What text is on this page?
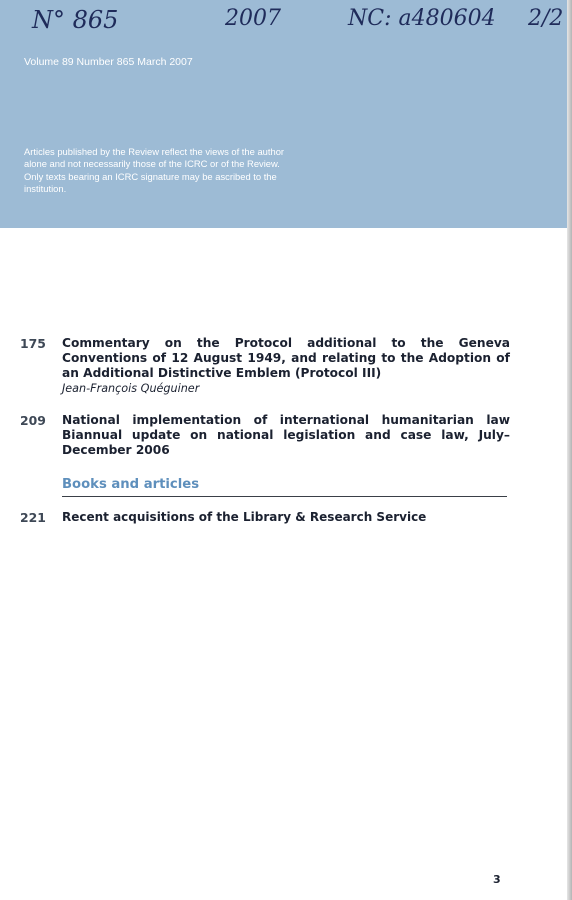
N° 865	2007	NC: a480604 2/2
Volume 89 Number 865 March 2007
Articles published by the Review reflect the views of the author alone and not necessarily those of the ICRC or of the Review. Only texts bearing an ICRC signature may be ascribed to the institution.
175	Commentary on the Protocol additional to the Geneva Conventions of 12 August 1949, and relating to the Adoption of an Additional Distinctive Emblem (Protocol III)
Jean-François Quéguiner
209	National implementation of international humanitarian law Biannual update on national legislation and case law, July–December 2006
Books and articles
221	Recent acquisitions of the Library & Research Service
3
